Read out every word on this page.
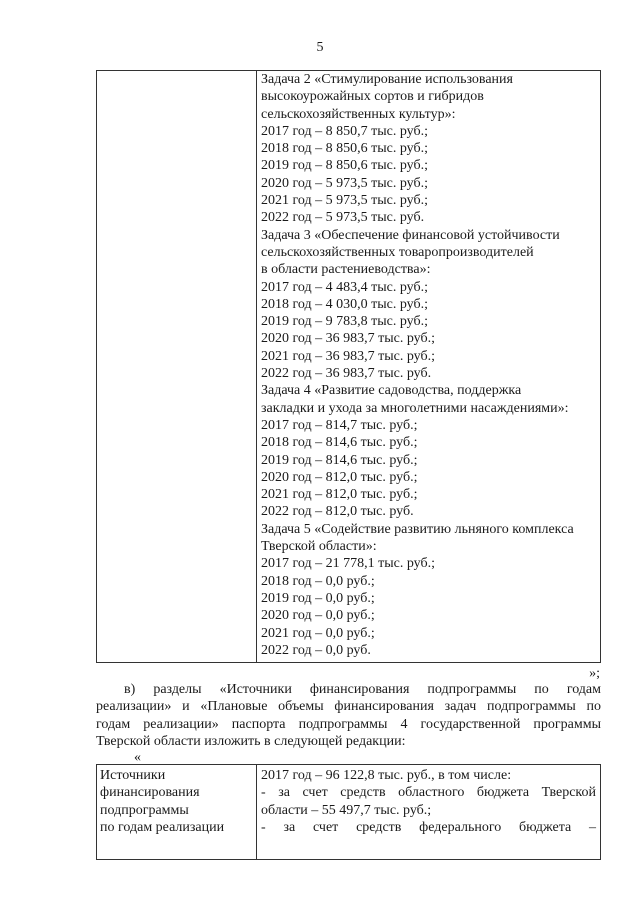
5
Задача 2 «Стимулирование использования
высокоурожайных сортов и гибридов
сельскохозяйственных культур»:
2017 год – 8 850,7 тыс. руб.;
2018 год – 8 850,6 тыс. руб.;
2019 год – 8 850,6 тыс. руб.;
2020 год – 5 973,5 тыс. руб.;
2021 год – 5 973,5 тыс. руб.;
2022 год – 5 973,5 тыс. руб.
Задача 3 «Обеспечение финансовой устойчивости
сельскохозяйственных товаропроизводителей
в области растениеводства»:
2017 год – 4 483,4 тыс. руб.;
2018 год – 4 030,0 тыс. руб.;
2019 год – 9 783,8 тыс. руб.;
2020 год – 36 983,7 тыс. руб.;
2021 год – 36 983,7 тыс. руб.;
2022 год – 36 983,7 тыс. руб.
Задача 4 «Развитие садоводства, поддержка
закладки и ухода за многолетними насаждениями»:
2017 год – 814,7 тыс. руб.;
2018 год – 814,6 тыс. руб.;
2019 год – 814,6 тыс. руб.;
2020 год – 812,0 тыс. руб.;
2021 год – 812,0 тыс. руб.;
2022 год – 812,0 тыс. руб.
Задача 5 «Содействие развитию льняного комплекса
Тверской области»:
2017 год – 21 778,1 тыс. руб.;
2018 год – 0,0 руб.;
2019 год – 0,0 руб.;
2020 год – 0,0 руб.;
2021 год – 0,0 руб.;
2022 год – 0,0 руб.
»;
в) разделы «Источники финансирования подпрограммы по годам
реализации» и «Плановые объемы финансирования задач подпрограммы по
годам реализации» паспорта подпрограммы 4 государственной программы
Тверской области изложить в следующей редакции:
«
Источники
финансирования
подпрограммы
по годам реализации
2017 год – 96 122,8 тыс. руб., в том числе:
- за счет средств областного бюджета Тверской
области – 55 497,7 тыс. руб.;
- за счет средств федерального бюджета –
